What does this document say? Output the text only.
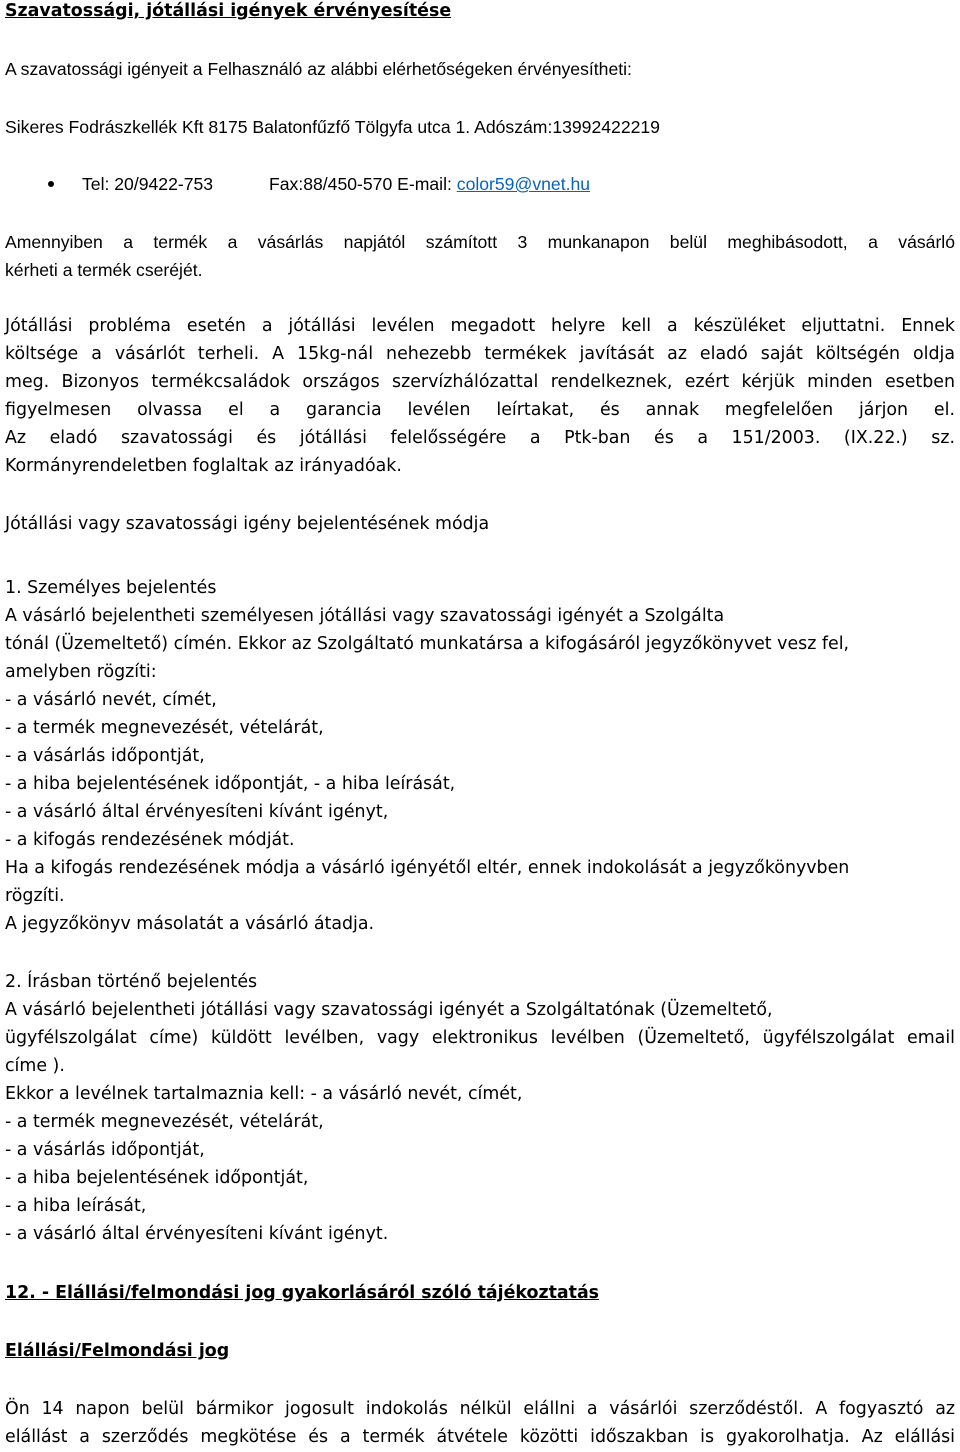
Szavatossági, jótállási igények érvényesítése
A szavatossági igényeit a Felhasználó az alábbi elérhetőségeken érvényesítheti:
Sikeres Fodrászkellék Kft 8175 Balatonfűzfő Tölgyfa utca 1. Adószám:13992422219
Tel: 20/9422-753	Fax:88/450-570 E-mail: color59@vnet.hu
Amennyiben a termék a vásárlás napjától számított 3 munkanapon belül meghibásodott, a vásárló
kérheti a termék cseréjét.
Jótállási probléma esetén a jótállási levélen megadott helyre kell a készüléket eljuttatni. Ennek
költsége a vásárlót terheli. A 15kg-nál nehezebb termékek javítását az eladó saját költségén oldja
meg. Bizonyos termékcsaládok országos szervízhálózattal rendelkeznek, ezért kérjük minden esetben
figyelmesen olvassa el a garancia levélen leírtakat, és annak megfelelően járjon el.
Az eladó szavatossági és jótállási felelősségére a Ptk-ban és a 151/2003. (IX.22.) sz.
Kormányrendeletben foglaltak az irányadóak.
Jótállási vagy szavatossági igény bejelentésének módja
1. Személyes bejelentés
A vásárló bejelentheti személyesen jótállási vagy szavatossági igényét a Szolgálta
tónál (Üzemeltető) címén. Ekkor az Szolgáltató munkatársa a kifogásáról jegyzőkönyvet vesz fel,
amelyben rögzíti:
- a vásárló nevét, címét,
- a termék megnevezését, vételárát,
- a vásárlás időpontját,
- a hiba bejelentésének időpontját, - a hiba leírását,
- a vásárló által érvényesíteni kívánt igényt,
- a kifogás rendezésének módját.
Ha a kifogás rendezésének módja a vásárló igényétől eltér, ennek indokolását a jegyzőkönyvben
rögzíti.
A jegyzőkönyv másolatát a vásárló átadja.
2. Írásban történő bejelentés
A vásárló bejelentheti jótállási vagy szavatossági igényét a Szolgáltatónak (Üzemeltető,
ügyfélszolgálat címe) küldött levélben, vagy elektronikus levélben (Üzemeltető, ügyfélszolgálat email
címe ).
Ekkor a levélnek tartalmaznia kell: - a vásárló nevét, címét,
- a termék megnevezését, vételárát,
- a vásárlás időpontját,
- a hiba bejelentésének időpontját,
- a hiba leírását,
- a vásárló által érvényesíteni kívánt igényt.
12. - Elállási/felmondási jog gyakorlásáról szóló tájékoztatás
Elállási/Felmondási jog
Ön 14 napon belül bármikor jogosult indokolás nélkül elállni a vásárlói szerződéstől. A fogyasztó az
elállást a szerződés megkötése és a termék átvétele közötti időszakban is gyakorolhatja. Az elállási
